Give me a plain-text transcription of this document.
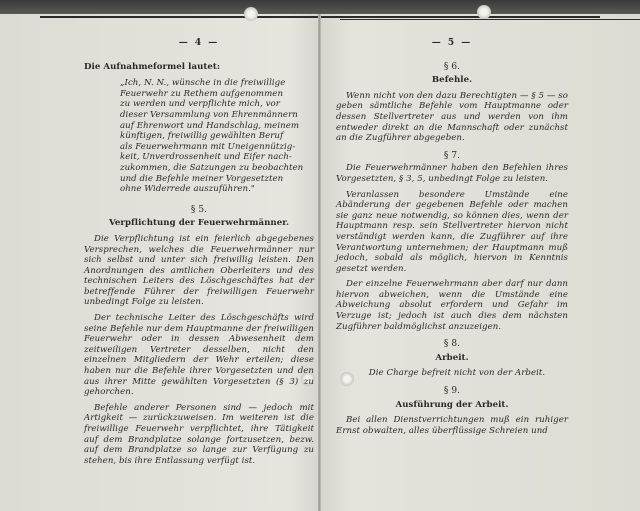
— 4 —
Die Aufnahmeformel lautet:
„Ich, N. N., wünsche in die freiwillige
Feuerwehr zu Rethem aufgenommen
zu werden und verpflichte mich, vor
dieser Versammlung von Ehrenmännern
auf Ehrenwort und Handschlag, meinem
künftigen, freiwillig gewählten Beruf
als Feuerwehrmann mit Uneigennützig-
keit, Unverdrossenheit und Eifer nach-
zukommen, die Satzungen zu beobachten
und die Befehle meiner Vorgesetzten
ohne Widerrede auszuführen."
§ 5.
Verpflichtung der Feuerwehrmänner.

Die Verpflichtung ist ein feierlich abgegebenes Versprechen, welches die Feuerwehrmänner nur sich selbst und unter sich freiwillig leisten. Den Anordnungen des amtlichen Oberleiters und des technischen Leiters des Löschgeschäftes hat der betreffende Führer der freiwilligen Feuerwehr unbedingt Folge zu leisten.

Der technische Leiter des Löschgeschäfts wird seine Befehle nur dem Hauptmanne der freiwilligen Feuerwehr oder in dessen Abwesenheit dem zeitweiligen Vertreter desselben, nicht den einzelnen Mitgliedern der Wehr erteilen; diese haben nur die Befehle ihrer Vorgesetzten und den aus ihrer Mitte gewählten Vorgesetzten (§ 3) zu gehorchen.

Befehle anderer Personen sind — jedoch mit Artigkeit — zurückzuweisen. Im weiteren ist die freiwillige Feuerwehr verpflichtet, ihre Tätigkeit auf dem Brandplatze solange fortzusetzen, bezw. auf dem Brandplatze so lange zur Verfügung zu stehen, bis ihre Entlassung verfügt ist.

— 5 —
§ 6.
Befehle.

Wenn nicht von den dazu Berechtigten — § 5 — so geben sämtliche Befehle vom Hauptmanne oder dessen Stellvertreter aus und werden von ihm entweder direkt an die Mannschaft oder zunächst an die Zugführer abgegeben.

§ 7.

Die Feuerwehrmänner haben den Befehlen ihres Vorgesetzten, § 3, 5, unbedingt Folge zu leisten.

Veranlassen besondere Umstände eine Abänderung der gegebenen Befehle oder machen sie ganz neue notwendig, so können dies, wenn der Hauptmann resp. sein Stellvertreter hiervon nicht verständigt werden kann, die Zugführer auf ihre Verantwortung unternehmen; der Hauptmann muß jedoch, sobald als möglich, hiervon in Kenntnis gesetzt werden.

Der einzelne Feuerwehrmann aber darf nur dann hiervon abweichen, wenn die Umstände eine Abweichung absolut erfordern und Gefahr im Verzuge ist; jedoch ist auch dies dem nächsten Zugführer baldmöglichst anzuzeigen.

§ 8.
Arbeit.

Die Charge befreit nicht von der Arbeit.

§ 9.
Ausführung der Arbeit.

Bei allen Dienstverrichtungen muß ein ruhiger Ernst obwalten, alles überflüssige Schreien und
